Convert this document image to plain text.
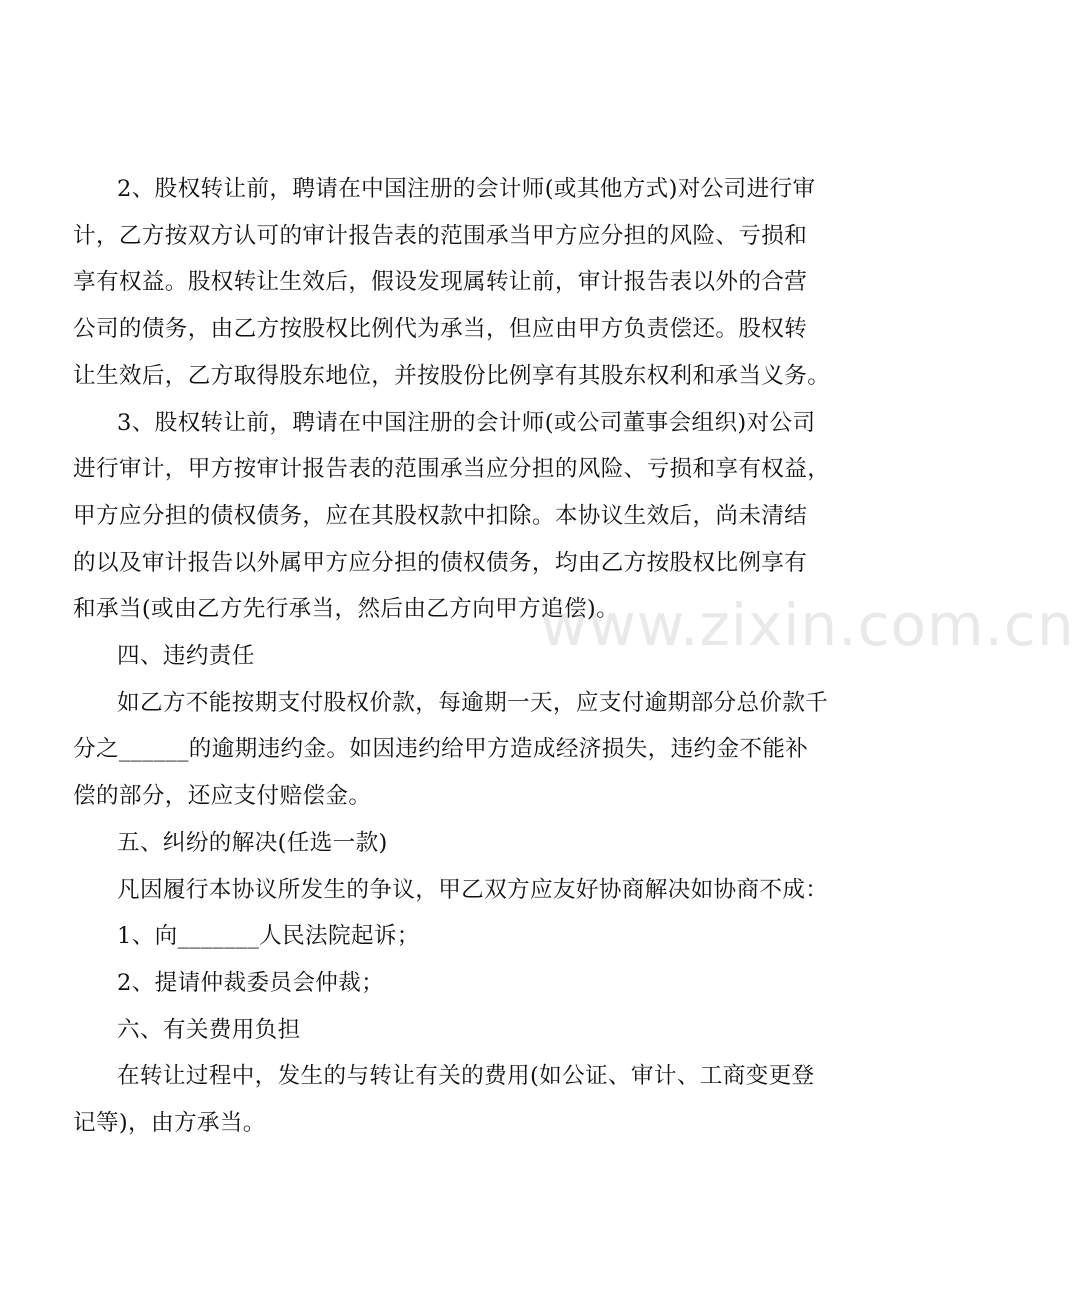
www.zixin.com.cn
2、股权转让前，聘请在中国注册的会计师(或其他方式)对公司进行审
计，乙方按双方认可的审计报告表的范围承当甲方应分担的风险、亏损和
享有权益。股权转让生效后，假设发现属转让前，审计报告表以外的合营
公司的债务，由乙方按股权比例代为承当，但应由甲方负责偿还。股权转
让生效后，乙方取得股东地位，并按股份比例享有其股东权利和承当义务。
3、股权转让前，聘请在中国注册的会计师(或公司董事会组织)对公司
进行审计，甲方按审计报告表的范围承当应分担的风险、亏损和享有权益，
甲方应分担的债权债务，应在其股权款中扣除。本协议生效后，尚未清结
的以及审计报告以外属甲方应分担的债权债务，均由乙方按股权比例享有
和承当(或由乙方先行承当，然后由乙方向甲方追偿)。
四、违约责任
如乙方不能按期支付股权价款，每逾期一天，应支付逾期部分总价款千
分之______的逾期违约金。如因违约给甲方造成经济损失，违约金不能补
偿的部分，还应支付赔偿金。
五、纠纷的解决(任选一款)
凡因履行本协议所发生的争议，甲乙双方应友好协商解决如协商不成：
1、向_______人民法院起诉；
2、提请仲裁委员会仲裁；
六、有关费用负担
在转让过程中，发生的与转让有关的费用(如公证、审计、工商变更登
记等)，由方承当。
